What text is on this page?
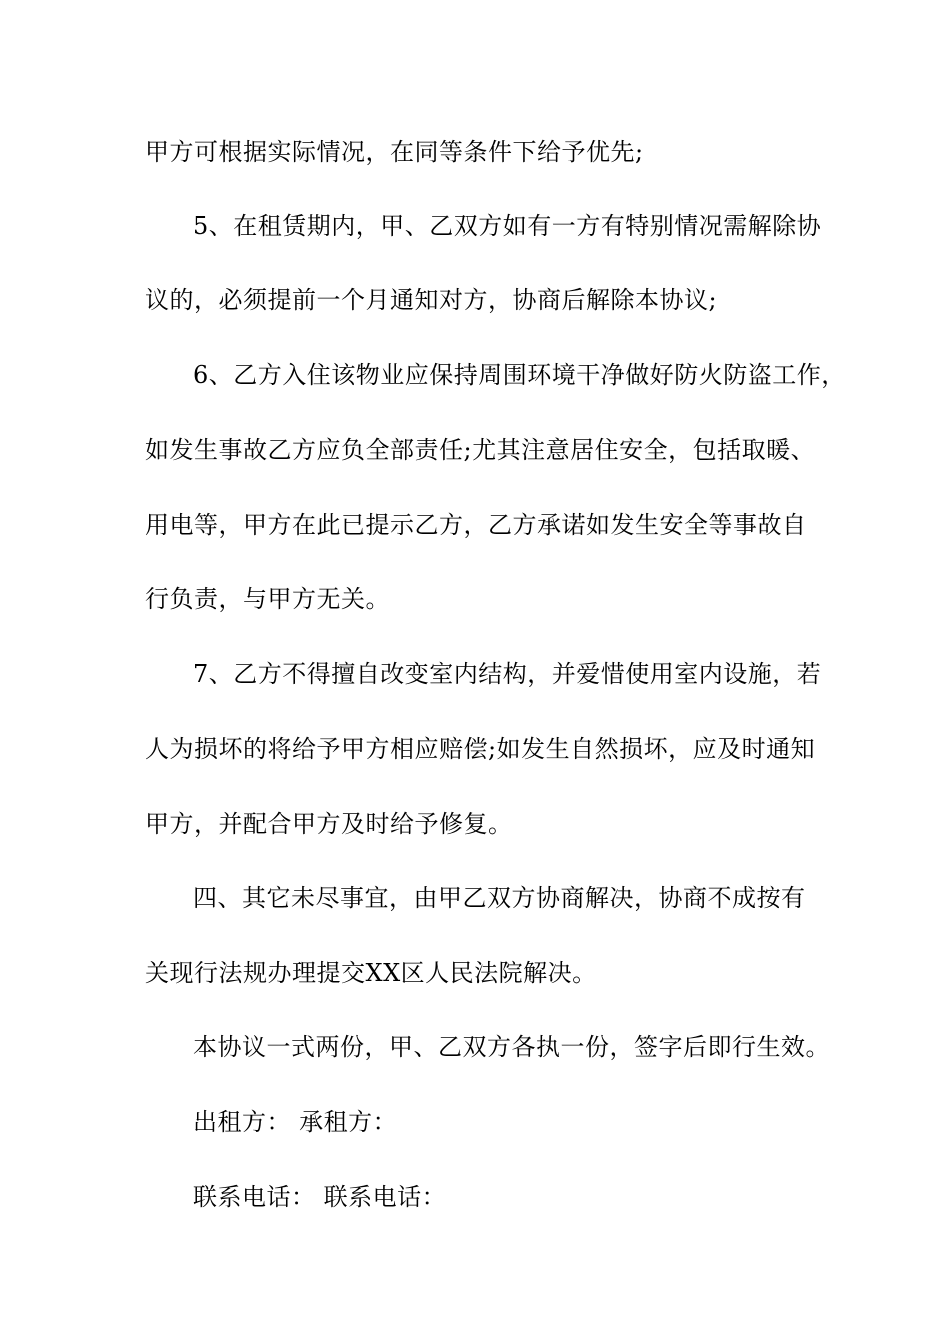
甲方可根据实际情况，在同等条件下给予优先;
5、在租赁期内，甲、乙双方如有一方有特别情况需解除协
议的，必须提前一个月通知对方，协商后解除本协议;
6、乙方入住该物业应保持周围环境干净做好防火防盗工作，
如发生事故乙方应负全部责任;尤其注意居住安全，包括取暖、
用电等，甲方在此已提示乙方，乙方承诺如发生安全等事故自
行负责，与甲方无关。
7、乙方不得擅自改变室内结构，并爱惜使用室内设施，若
人为损坏的将给予甲方相应赔偿;如发生自然损坏，应及时通知
甲方，并配合甲方及时给予修复。
四、其它未尽事宜，由甲乙双方协商解决，协商不成按有
关现行法规办理提交XX区人民法院解决。
本协议一式两份，甲、乙双方各执一份，签字后即行生效。
出租方： 承租方：
联系电话： 联系电话：
